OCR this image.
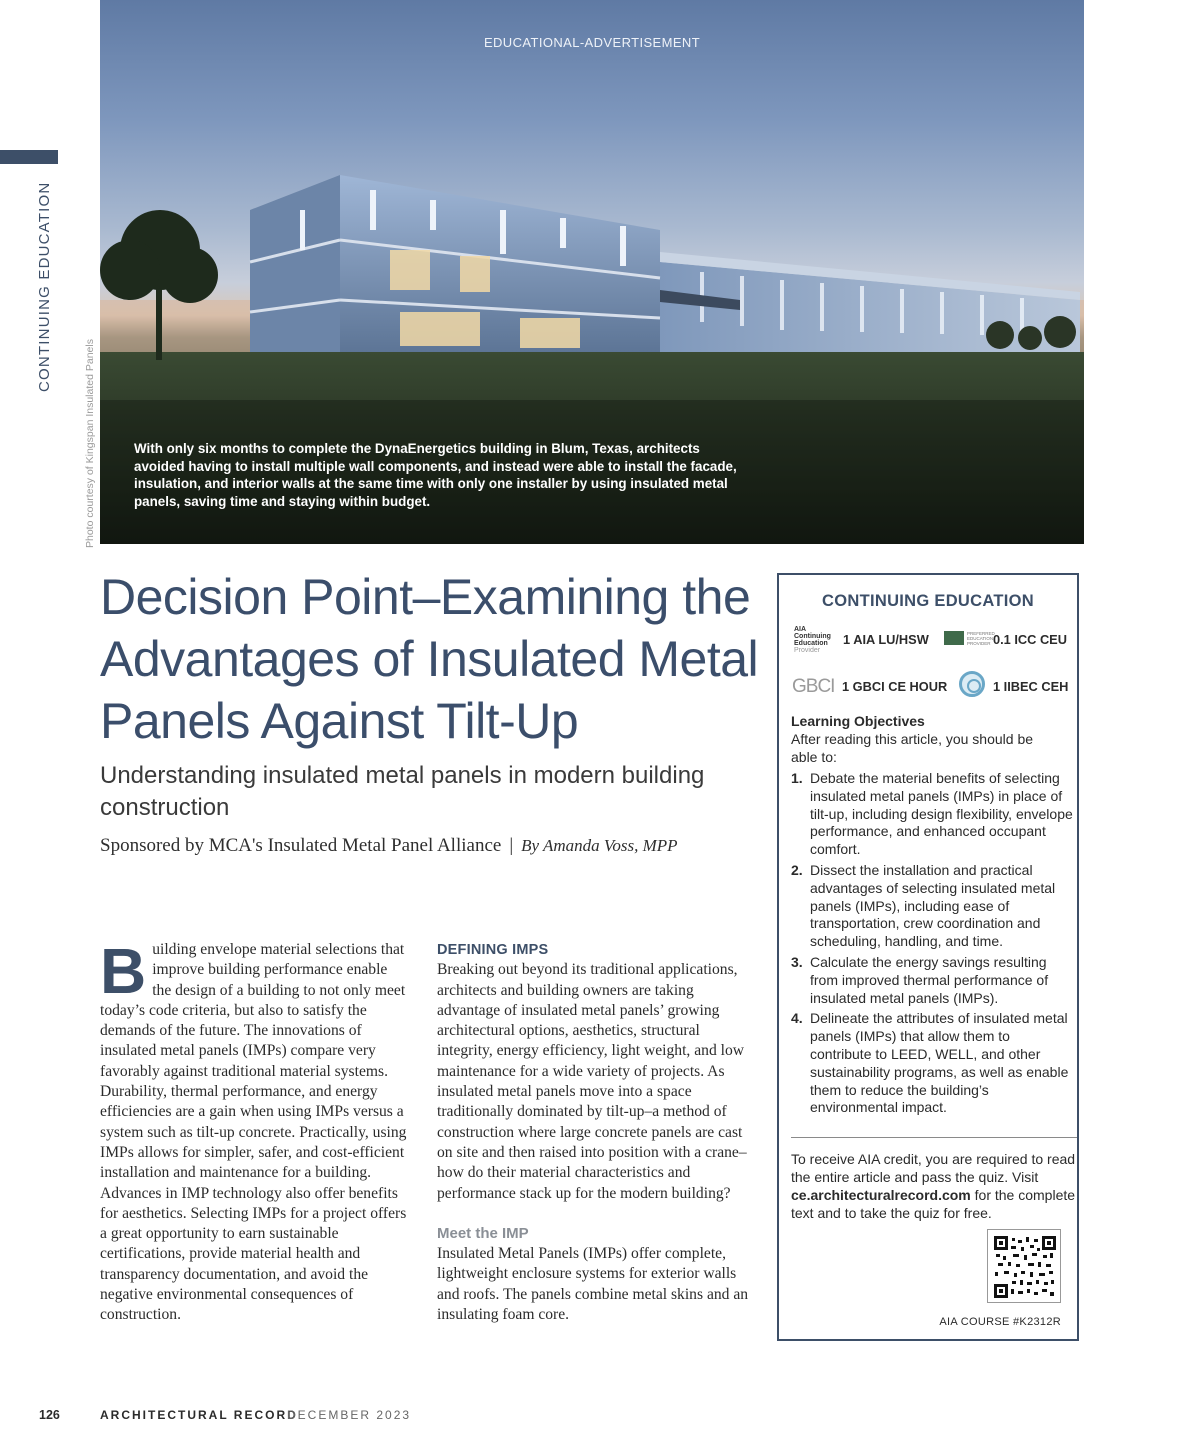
CONTINUING EDUCATION
Photo courtesy of Kingspan Insulated Panels
EDUCATIONAL-ADVERTISEMENT
With only six months to complete the DynaEnergetics building in Blum, Texas, architects avoided having to install multiple wall components, and instead were able to install the facade, insulation, and interior walls at the same time with only one installer by using insulated metal panels, saving time and staying within budget.
Decision Point–Examining the Advantages of Insulated Metal Panels Against Tilt-Up
Understanding insulated metal panels in modern building construction
Sponsored by MCA's Insulated Metal Panel Alliance | By Amanda Voss, MPP
Building envelope material selections that improve building performance enable the design of a building to not only meet today’s code criteria, but also to satisfy the demands of the future. The innovations of insulated metal panels (IMPs) compare very favorably against traditional material systems. Durability, thermal performance, and energy efficiencies are a gain when using IMPs versus a system such as tilt-up concrete. Practically, using IMPs allows for simpler, safer, and cost-efficient installation and maintenance for a building. Advances in IMP technology also offer benefits for aesthetics. Selecting IMPs for a project offers a great opportunity to earn sustainable certifications, provide material health and transparency documentation, and avoid the negative environmental consequences of construction.
DEFINING IMPS

Breaking out beyond its traditional applications, architects and building owners are taking advantage of insulated metal panels’ growing architectural options, aesthetics, structural integrity, energy efficiency, light weight, and low maintenance for a wide variety of projects. As insulated metal panels move into a space traditionally dominated by tilt-up–a method of construction where large concrete panels are cast on site and then raised into position with a crane–how do their material characteristics and performance stack up for the modern building?

Meet the IMP

Insulated Metal Panels (IMPs) offer complete, lightweight enclosure systems for exterior walls and roofs. The panels combine metal skins and an insulating foam core.

CONTINUING EDUCATION
AIA
Continuing
Education
Provider
1 AIA LU/HSW	PREFERRED EDUCATION PROVIDER 0.1 ICC CEU
GBCI 1 GBCI CE HOUR	1 IIBEC CEH
Learning Objectives
After reading this article, you should be able to:
1. Debate the material benefits of selecting insulated metal panels (IMPs) in place of tilt-up, including design flexibility, envelope performance, and enhanced occupant comfort.
2. Dissect the installation and practical advantages of selecting insulated metal panels (IMPs), including ease of transportation, crew coordination and scheduling, handling, and time.
3. Calculate the energy savings resulting from improved thermal performance of insulated metal panels (IMPs).
4. Delineate the attributes of insulated metal panels (IMPs) that allow them to contribute to LEED, WELL, and other sustainability programs, as well as enable them to reduce the building’s environmental impact.
To receive AIA credit, you are required to read the entire article and pass the quiz. Visit ce.architecturalrecord.com for the complete text and to take the quiz for free.
AIA COURSE #K2312R
126	ARCHITECTURAL RECORD
DECEMBER 2023
